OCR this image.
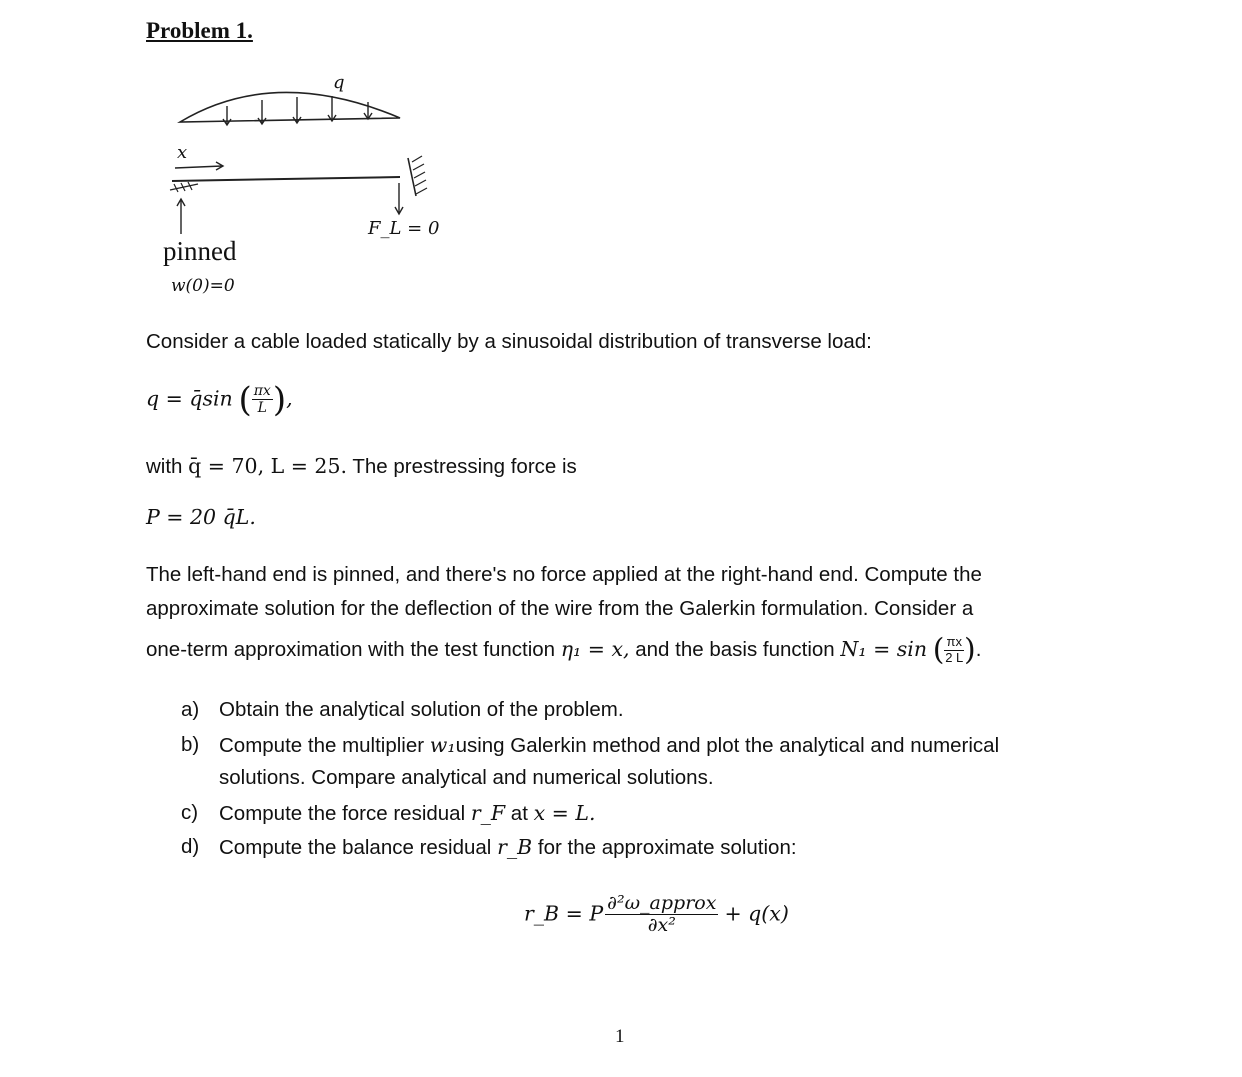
Problem 1.
q
x
F_L = 0
pinned
w(0)=0
Consider a cable loaded statically by a sinusoidal distribution of transverse load:
q = q̄sin ( $\frac{\pi x}{L}$ ),
with q̄ = 70, L = 25. The prestressing force is
P = 20 q̄L.
The left-hand end is pinned, and there's no force applied at the right-hand end. Compute the
approximate solution for the deflection of the wire from the Galerkin formulation. Consider a
one-term approximation with the test function η₁ = x, and the basis function N₁ = sin ( $\frac{\pi x}{2 L}$ ).
a) Obtain the analytical solution of the problem.
b) Compute the multiplier w₁using Galerkin method and plot the analytical and numerical
solutions. Compare analytical and numerical solutions.
c) Compute the force residual r_F at x = L.
d) Compute the balance residual r_B for the approximate solution:
r_B = P $\frac{\text{∂²ω\_approx}}{\text{∂x²}} + q(x)$
1
